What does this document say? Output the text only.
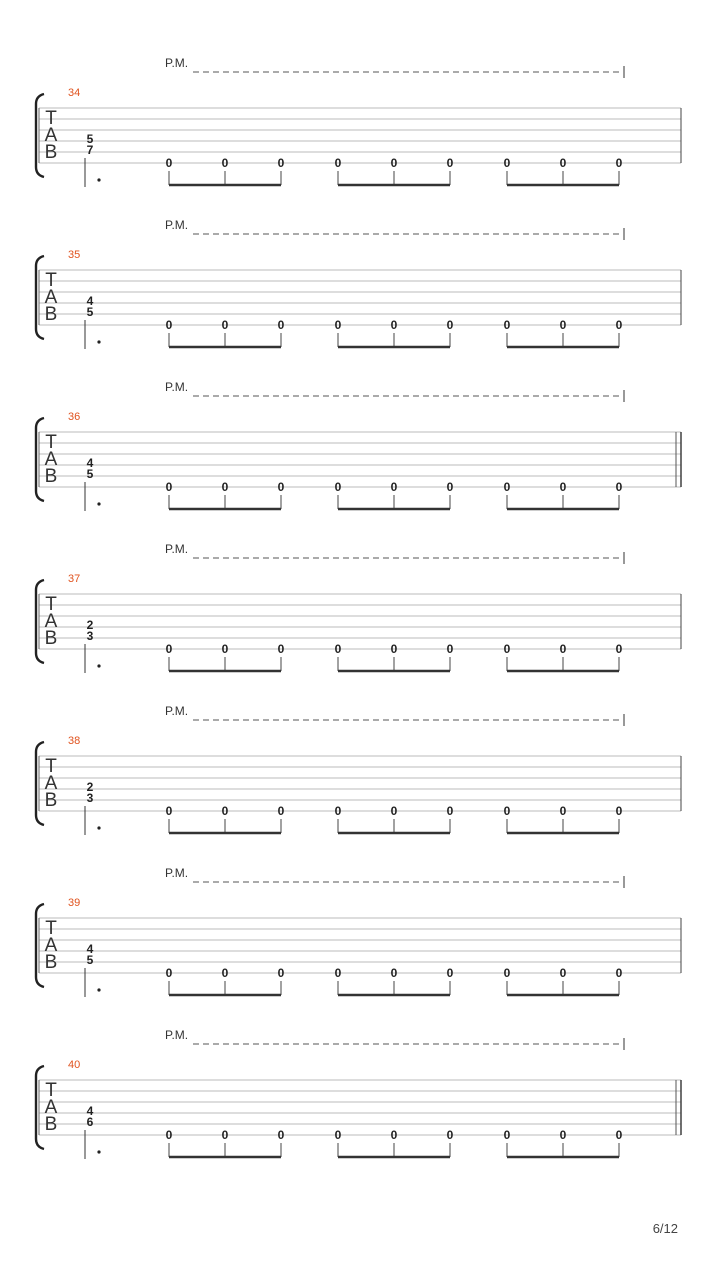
P.M.
34
T
A
B
5
7
0	0	0	0	0	0	0	0	0
P.M.
35
T
A
B
4
5
0	0	0	0	0	0	0	0	0
P.M.
36
T
A
B
4
5
0	0	0	0	0	0	0	0	0
P.M.
37
T
A
B
2
3
0	0	0	0	0	0	0	0	0
P.M.
38
T
A
B
2
3
0	0	0	0	0	0	0	0	0
P.M.
39
T
A
B
4
5
0	0	0	0	0	0	0	0	0
P.M.
40
T
A
B
4
6
0	0	0	0	0	0	0	0	0
6/12
